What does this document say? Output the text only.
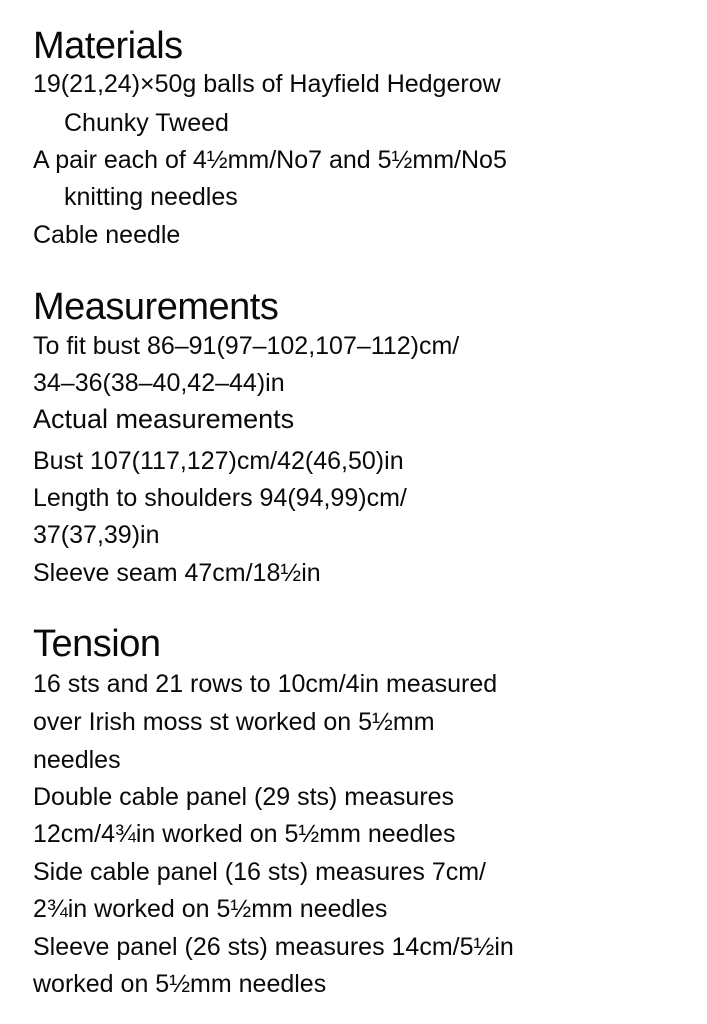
Materials

19(21,24)×50g balls of Hayfield Hedgerow

Chunky Tweed

A pair each of 4½mm/No7 and 5½mm/No5

knitting needles

Cable needle

Measurements

To fit bust 86–91(97–102,107–112)cm/

34–36(38–40,42–44)in

Actual measurements

Bust 107(117,127)cm/42(46,50)in

Length to shoulders 94(94,99)cm/

37(37,39)in

Sleeve seam 47cm/18½in

Tension

16 sts and 21 rows to 10cm/4in measured

over Irish moss st worked on 5½mm

needles

Double cable panel (29 sts) measures

12cm/4¾in worked on 5½mm needles

Side cable panel (16 sts) measures 7cm/

2¾in worked on 5½mm needles

Sleeve panel (26 sts) measures 14cm/5½in

worked on 5½mm needles
